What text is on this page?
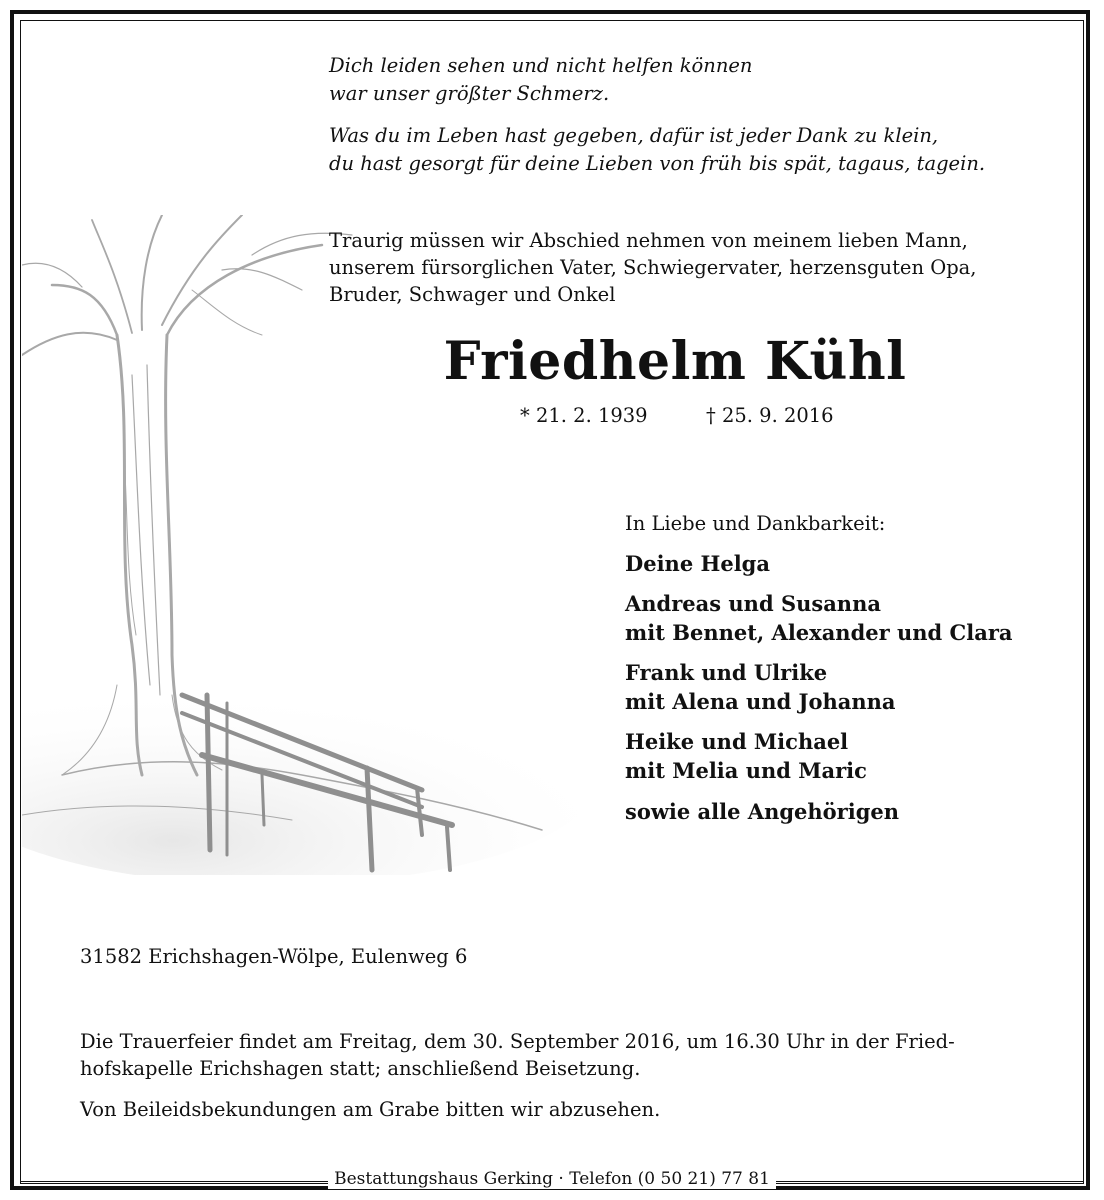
Dich leiden sehen und nicht helfen können
war unser größter Schmerz.
Was du im Leben hast gegeben, dafür ist jeder Dank zu klein,
du hast gesorgt für deine Lieben von früh bis spät, tagaus, tagein.
Traurig müssen wir Abschied nehmen von meinem lieben Mann,
unserem fürsorglichen Vater, Schwiegervater, herzensguten Opa,
Bruder, Schwager und Onkel
Friedhelm Kühl
* 21. 2. 1939	† 25. 9. 2016
In Liebe und Dankbarkeit:
Deine Helga
Andreas und Susanna
mit Bennet, Alexander und Clara
Frank und Ulrike
mit Alena und Johanna
Heike und Michael
mit Melia und Maric
sowie alle Angehörigen
31582 Erichshagen-Wölpe, Eulenweg 6
Die Trauerfeier findet am Freitag, dem 30. September 2016, um 16.30 Uhr in der Fried-
hofskapelle Erichshagen statt; anschließend Beisetzung.
Von Beileidsbekundungen am Grabe bitten wir abzusehen.
Bestattungshaus Gerking · Telefon (0 50 21) 77 81
